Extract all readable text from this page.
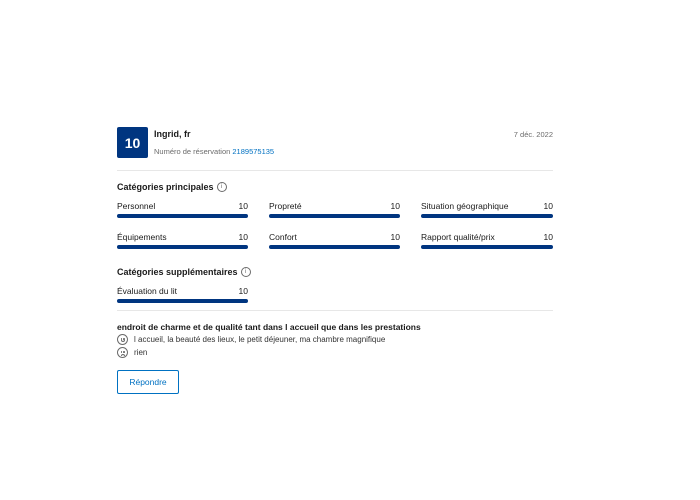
10
Ingrid, fr
Numéro de réservation 2189575135
7 déc. 2022
Catégories principales	i
Personnel	10 Propreté	10 Situation géographique	10
Équipements	10 Confort	10 Rapport qualité/prix	10
Catégories supplémentaires	i
Évaluation du lit	10
endroit de charme et de qualité tant dans l accueil que dans les prestations
l accueil, la beauté des lieux, le petit déjeuner, ma chambre magnifique
rien
Répondre
